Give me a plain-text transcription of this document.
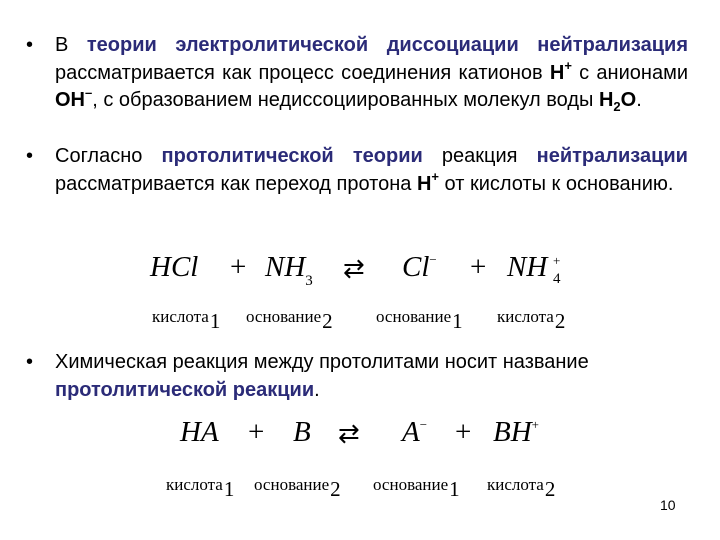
• В теории электролитической диссоциации нейтрализация рассматривается как процесс соединения катионов H+ с анионами OH–, с образованием недиссоциированных молекул воды $H_2O$.
• Согласно протолитической теории реакция нейтрализации рассматривается как переход протона H+ от кислоты к основанию.
HCl + $NH_3$ ⇄ Cl− + NH +
4
кислота1 основание2	основание1 кислота2
• Химическая реакция между протолитами носит название
протолитической реакции.
HA + B ⇄ A− + BH+
кислота1 основание2 основание1 кислота2
10
